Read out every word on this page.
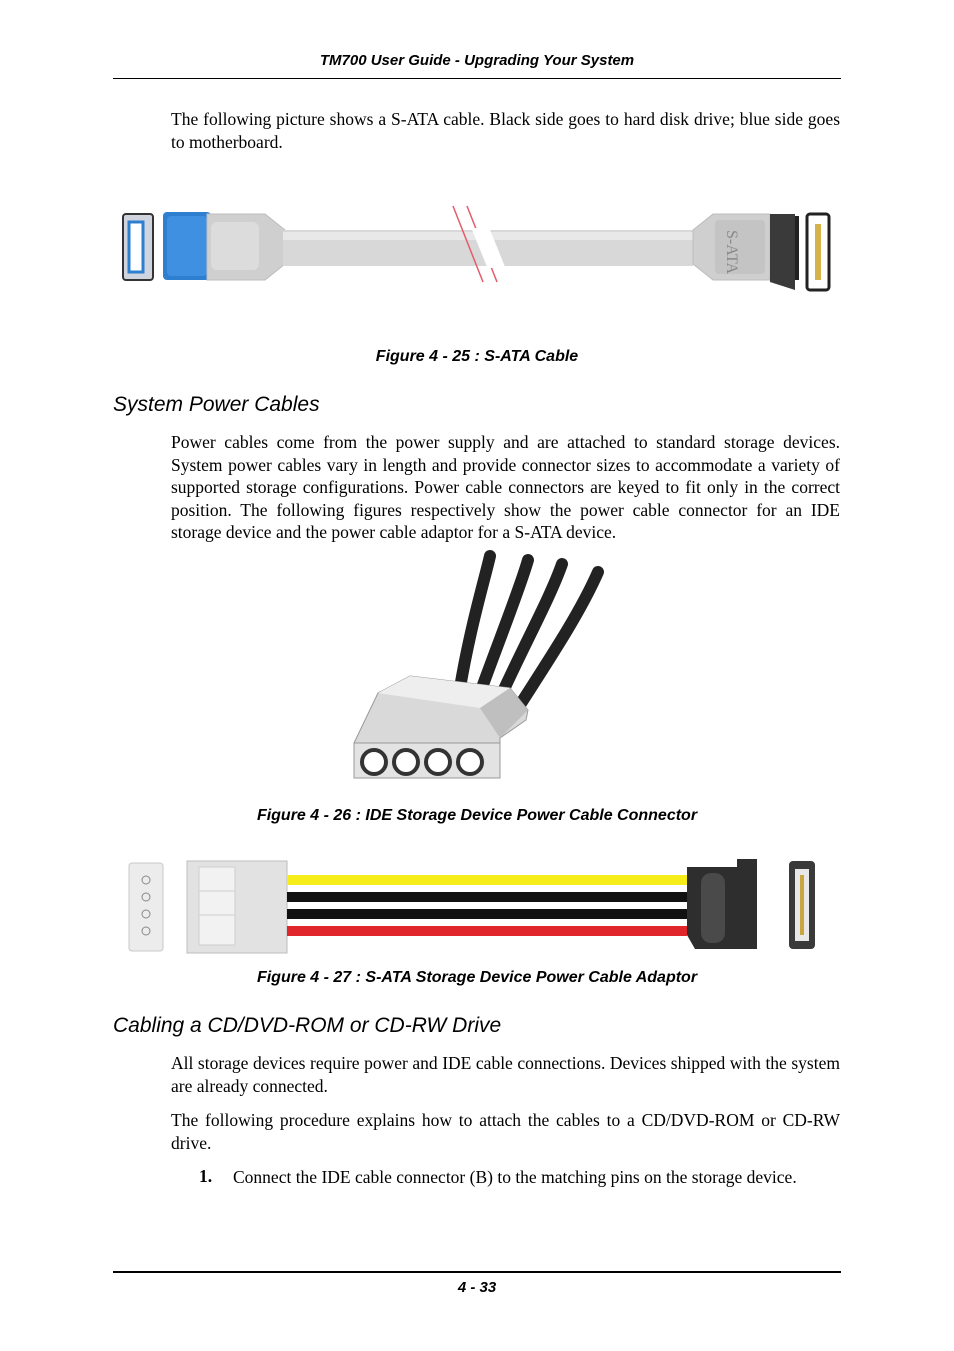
TM700 User Guide - Upgrading Your System
The following picture shows a S-ATA cable. Black side goes to hard disk drive; blue side goes to motherboard.
S-ATA
Figure 4 - 25 : S-ATA Cable
System Power Cables
Power cables come from the power supply and are attached to standard storage devices. System power cables vary in length and provide connector sizes to accommodate a variety of supported storage configurations. Power cable connectors are keyed to fit only in the correct position. The following figures respectively show the power cable connector for an IDE storage device and the power cable adaptor for a S-ATA device.
Figure 4 - 26 : IDE Storage Device Power Cable Connector
Figure 4 - 27 : S-ATA Storage Device Power Cable Adaptor
Cabling a CD/DVD-ROM or CD-RW Drive
All storage devices require power and IDE cable connections. Devices shipped with the system are already connected.
The following procedure explains how to attach the cables to a CD/DVD-ROM or CD-RW drive.
1. Connect the IDE cable connector (B) to the matching pins on the storage device.
4 - 33
